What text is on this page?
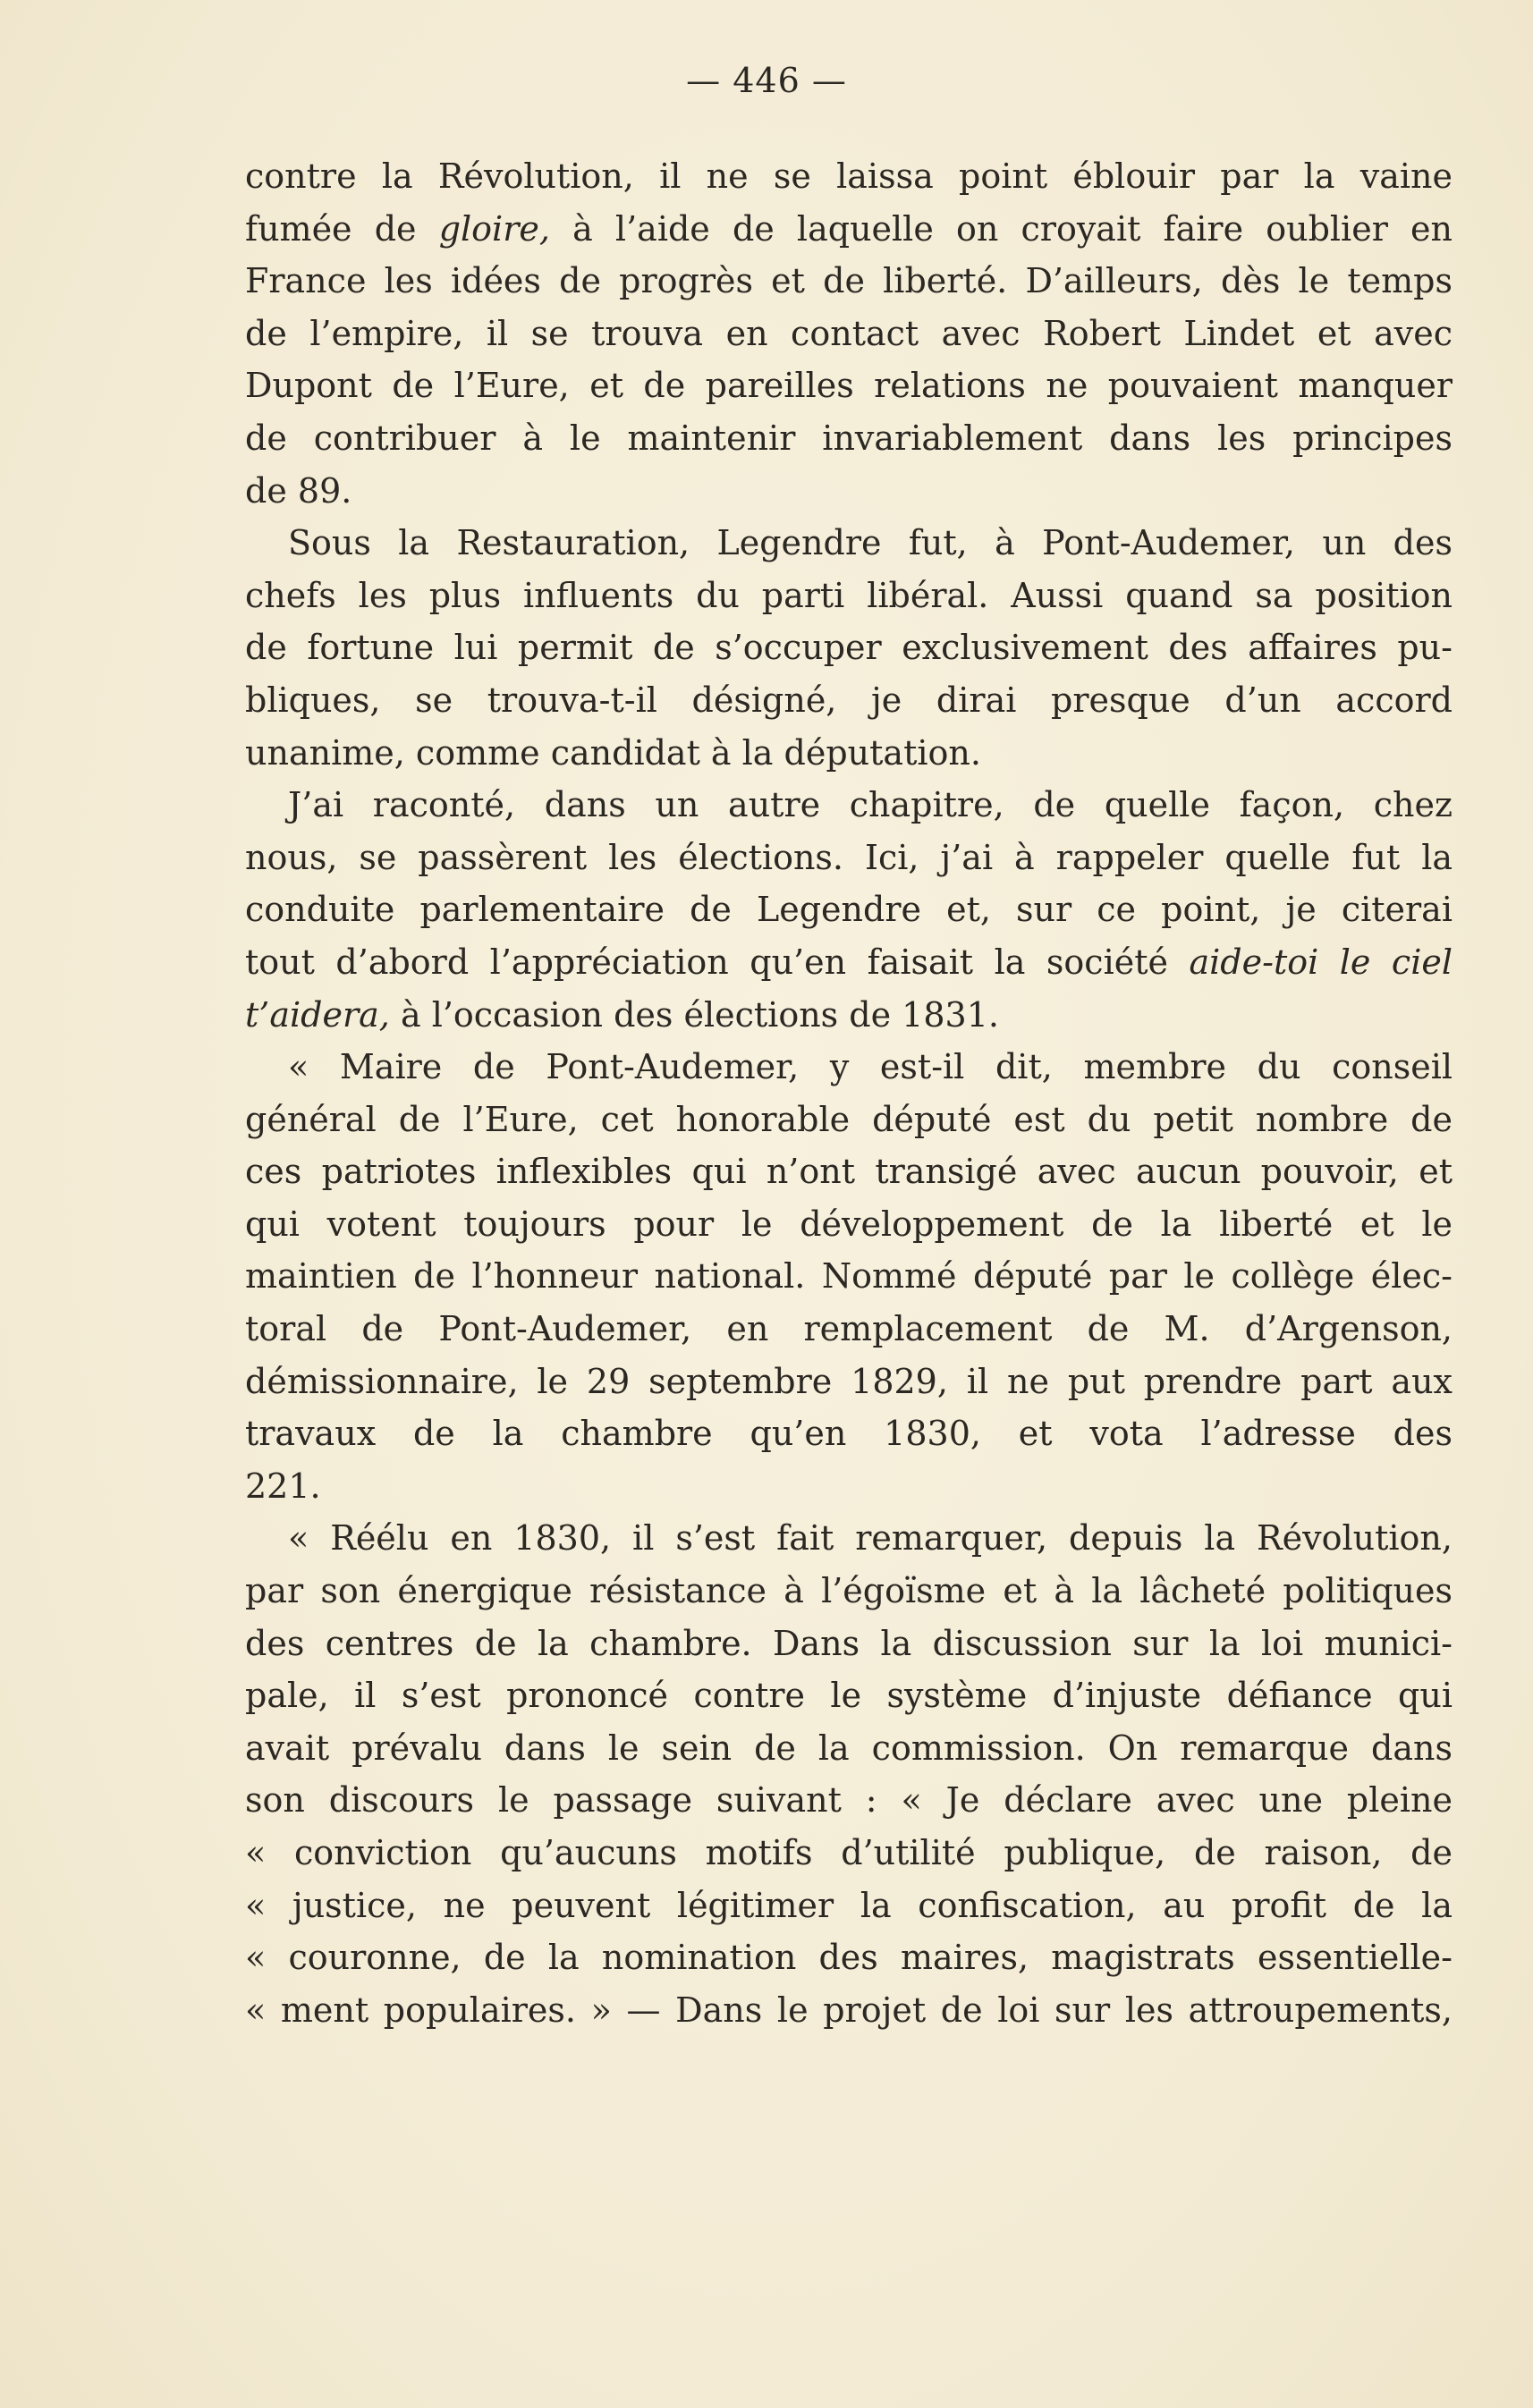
— 446 —
contre la Révolution, il ne se laissa point éblouir par la vaine
fumée de gloire, à l’aide de laquelle on croyait faire oublier en
France les idées de progrès et de liberté. D’ailleurs, dès le temps
de l’empire, il se trouva en contact avec Robert Lindet et avec
Dupont de l’Eure, et de pareilles relations ne pouvaient manquer
de contribuer à le maintenir invariablement dans les principes
de 89.
Sous la Restauration, Legendre fut, à Pont-Audemer, un des
chefs les plus influents du parti libéral. Aussi quand sa position
de fortune lui permit de s’occuper exclusivement des affaires pu-
bliques, se trouva-t-il désigné, je dirai presque d’un accord
unanime, comme candidat à la députation.
J’ai raconté, dans un autre chapitre, de quelle façon, chez
nous, se passèrent les élections. Ici, j’ai à rappeler quelle fut la
conduite parlementaire de Legendre et, sur ce point, je citerai
tout d’abord l’appréciation qu’en faisait la société aide-toi le ciel
t’aidera, à l’occasion des élections de 1831.
« Maire de Pont-Audemer, y est-il dit, membre du conseil
général de l’Eure, cet honorable député est du petit nombre de
ces patriotes inflexibles qui n’ont transigé avec aucun pouvoir, et
qui votent toujours pour le développement de la liberté et le
maintien de l’honneur national. Nommé député par le collège élec-
toral de Pont-Audemer, en remplacement de M. d’Argenson,
démissionnaire, le 29 septembre 1829, il ne put prendre part aux
travaux de la chambre qu’en 1830, et vota l’adresse des
221.
« Réélu en 1830, il s’est fait remarquer, depuis la Révolution,
par son énergique résistance à l’égoïsme et à la lâcheté politiques
des centres de la chambre. Dans la discussion sur la loi munici-
pale, il s’est prononcé contre le système d’injuste défiance qui
avait prévalu dans le sein de la commission. On remarque dans
son discours le passage suivant : « Je déclare avec une pleine
« conviction qu’aucuns motifs d’utilité publique, de raison, de
« justice, ne peuvent légitimer la confiscation, au profit de la
« couronne, de la nomination des maires, magistrats essentielle-
« ment populaires. » — Dans le projet de loi sur les attroupements,
